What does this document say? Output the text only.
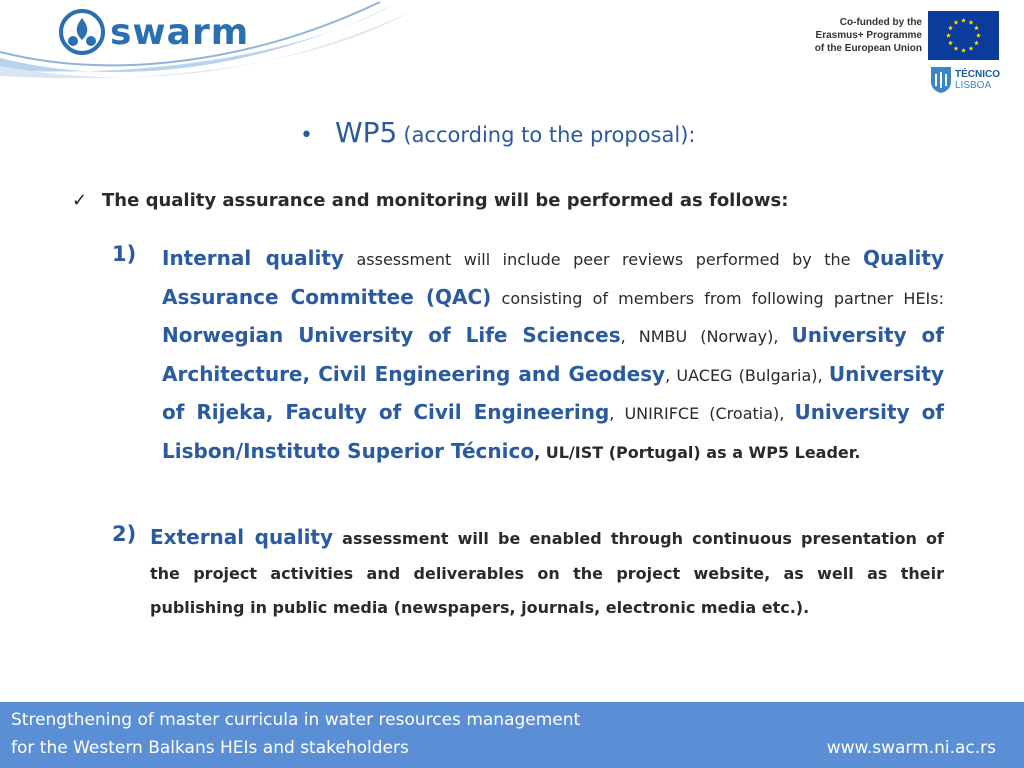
swarm	Co-funded by the
Erasmus+ Programme
of the European Union
TÉCNICO
LISBOA
• WP5 (according to the proposal):
✓ The quality assurance and monitoring will be performed as follows:
1) Internal quality assessment will include peer reviews performed by the Quality Assurance Committee (QAC) consisting of members from following partner HEIs: Norwegian University of Life Sciences, NMBU (Norway), University of Architecture, Civil Engineering and Geodesy, UACEG (Bulgaria), University of Rijeka, Faculty of Civil Engineering, UNIRIFCE (Croatia), University of Lisbon/Instituto Superior Técnico, UL/IST (Portugal) as a WP5 Leader.
2) External quality assessment will be enabled through continuous presentation of the project activities and deliverables on the project website, as well as their publishing in public media (newspapers, journals, electronic media etc.).
Strengthening of master curricula in water resources management
for the Western Balkans HEIs and stakeholders	www.swarm.ni.ac.rs
